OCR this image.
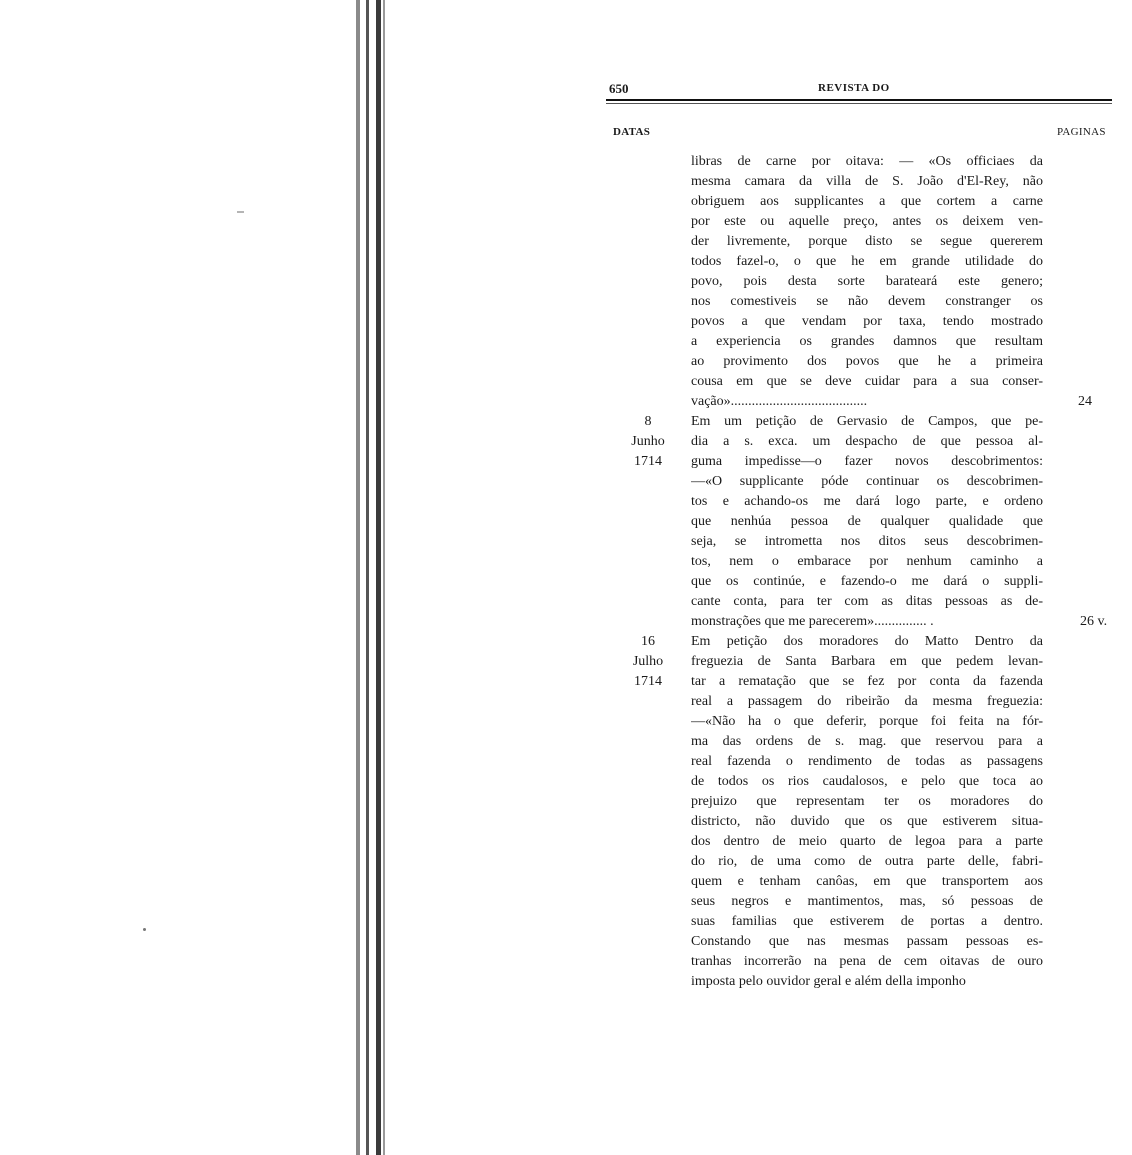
650	REVISTA DO
DATAS	PAGINAS
8
Junho
1714
16
Julho
1714
24
26 v.
libras de carne por oitava: — «Os officiaes da
mesma camara da villa de S. João d'El-Rey, não
obriguem aos supplicantes a que cortem a carne
por este ou aquelle preço, antes os deixem ven-
der livremente, porque disto se segue quererem
todos fazel-o, o que he em grande utilidade do
povo, pois desta sorte barateará este genero;
nos comestiveis se não devem constranger os
povos a que vendam por taxa, tendo mostrado
a experiencia os grandes damnos que resultam
ao provimento dos povos que he a primeira
cousa em que se deve cuidar para a sua conser-
vação».......................................
Em um petição de Gervasio de Campos, que pe-
dia a s. exca. um despacho de que pessoa al-
guma impedisse—o fazer novos descobrimentos:
—«O supplicante póde continuar os descobrimen-
tos e achando-os me dará logo parte, e ordeno
que nenhúa pessoa de qualquer qualidade que
seja, se intrometta nos ditos seus descobrimen-
tos, nem o embarace por nenhum caminho a
que os continúe, e fazendo-o me dará o suppli-
cante conta, para ter com as ditas pessoas as de-
monstrações que me parecerem»............... .
Em petição dos moradores do Matto Dentro da
freguezia de Santa Barbara em que pedem levan-
tar a rematação que se fez por conta da fazenda
real a passagem do ribeirão da mesma freguezia:
—«Não ha o que deferir, porque foi feita na fór-
ma das ordens de s. mag. que reservou para a
real fazenda o rendimento de todas as passagens
de todos os rios caudalosos, e pelo que toca ao
prejuizo que representam ter os moradores do
districto, não duvido que os que estiverem situa-
dos dentro de meio quarto de legoa para a parte
do rio, de uma como de outra parte delle, fabri-
quem e tenham canôas, em que transportem aos
seus negros e mantimentos, mas, só pessoas de
suas familias que estiverem de portas a dentro.
Constando que nas mesmas passam pessoas es-
tranhas incorrerão na pena de cem oitavas de ouro
imposta pelo ouvidor geral e além della imponho
